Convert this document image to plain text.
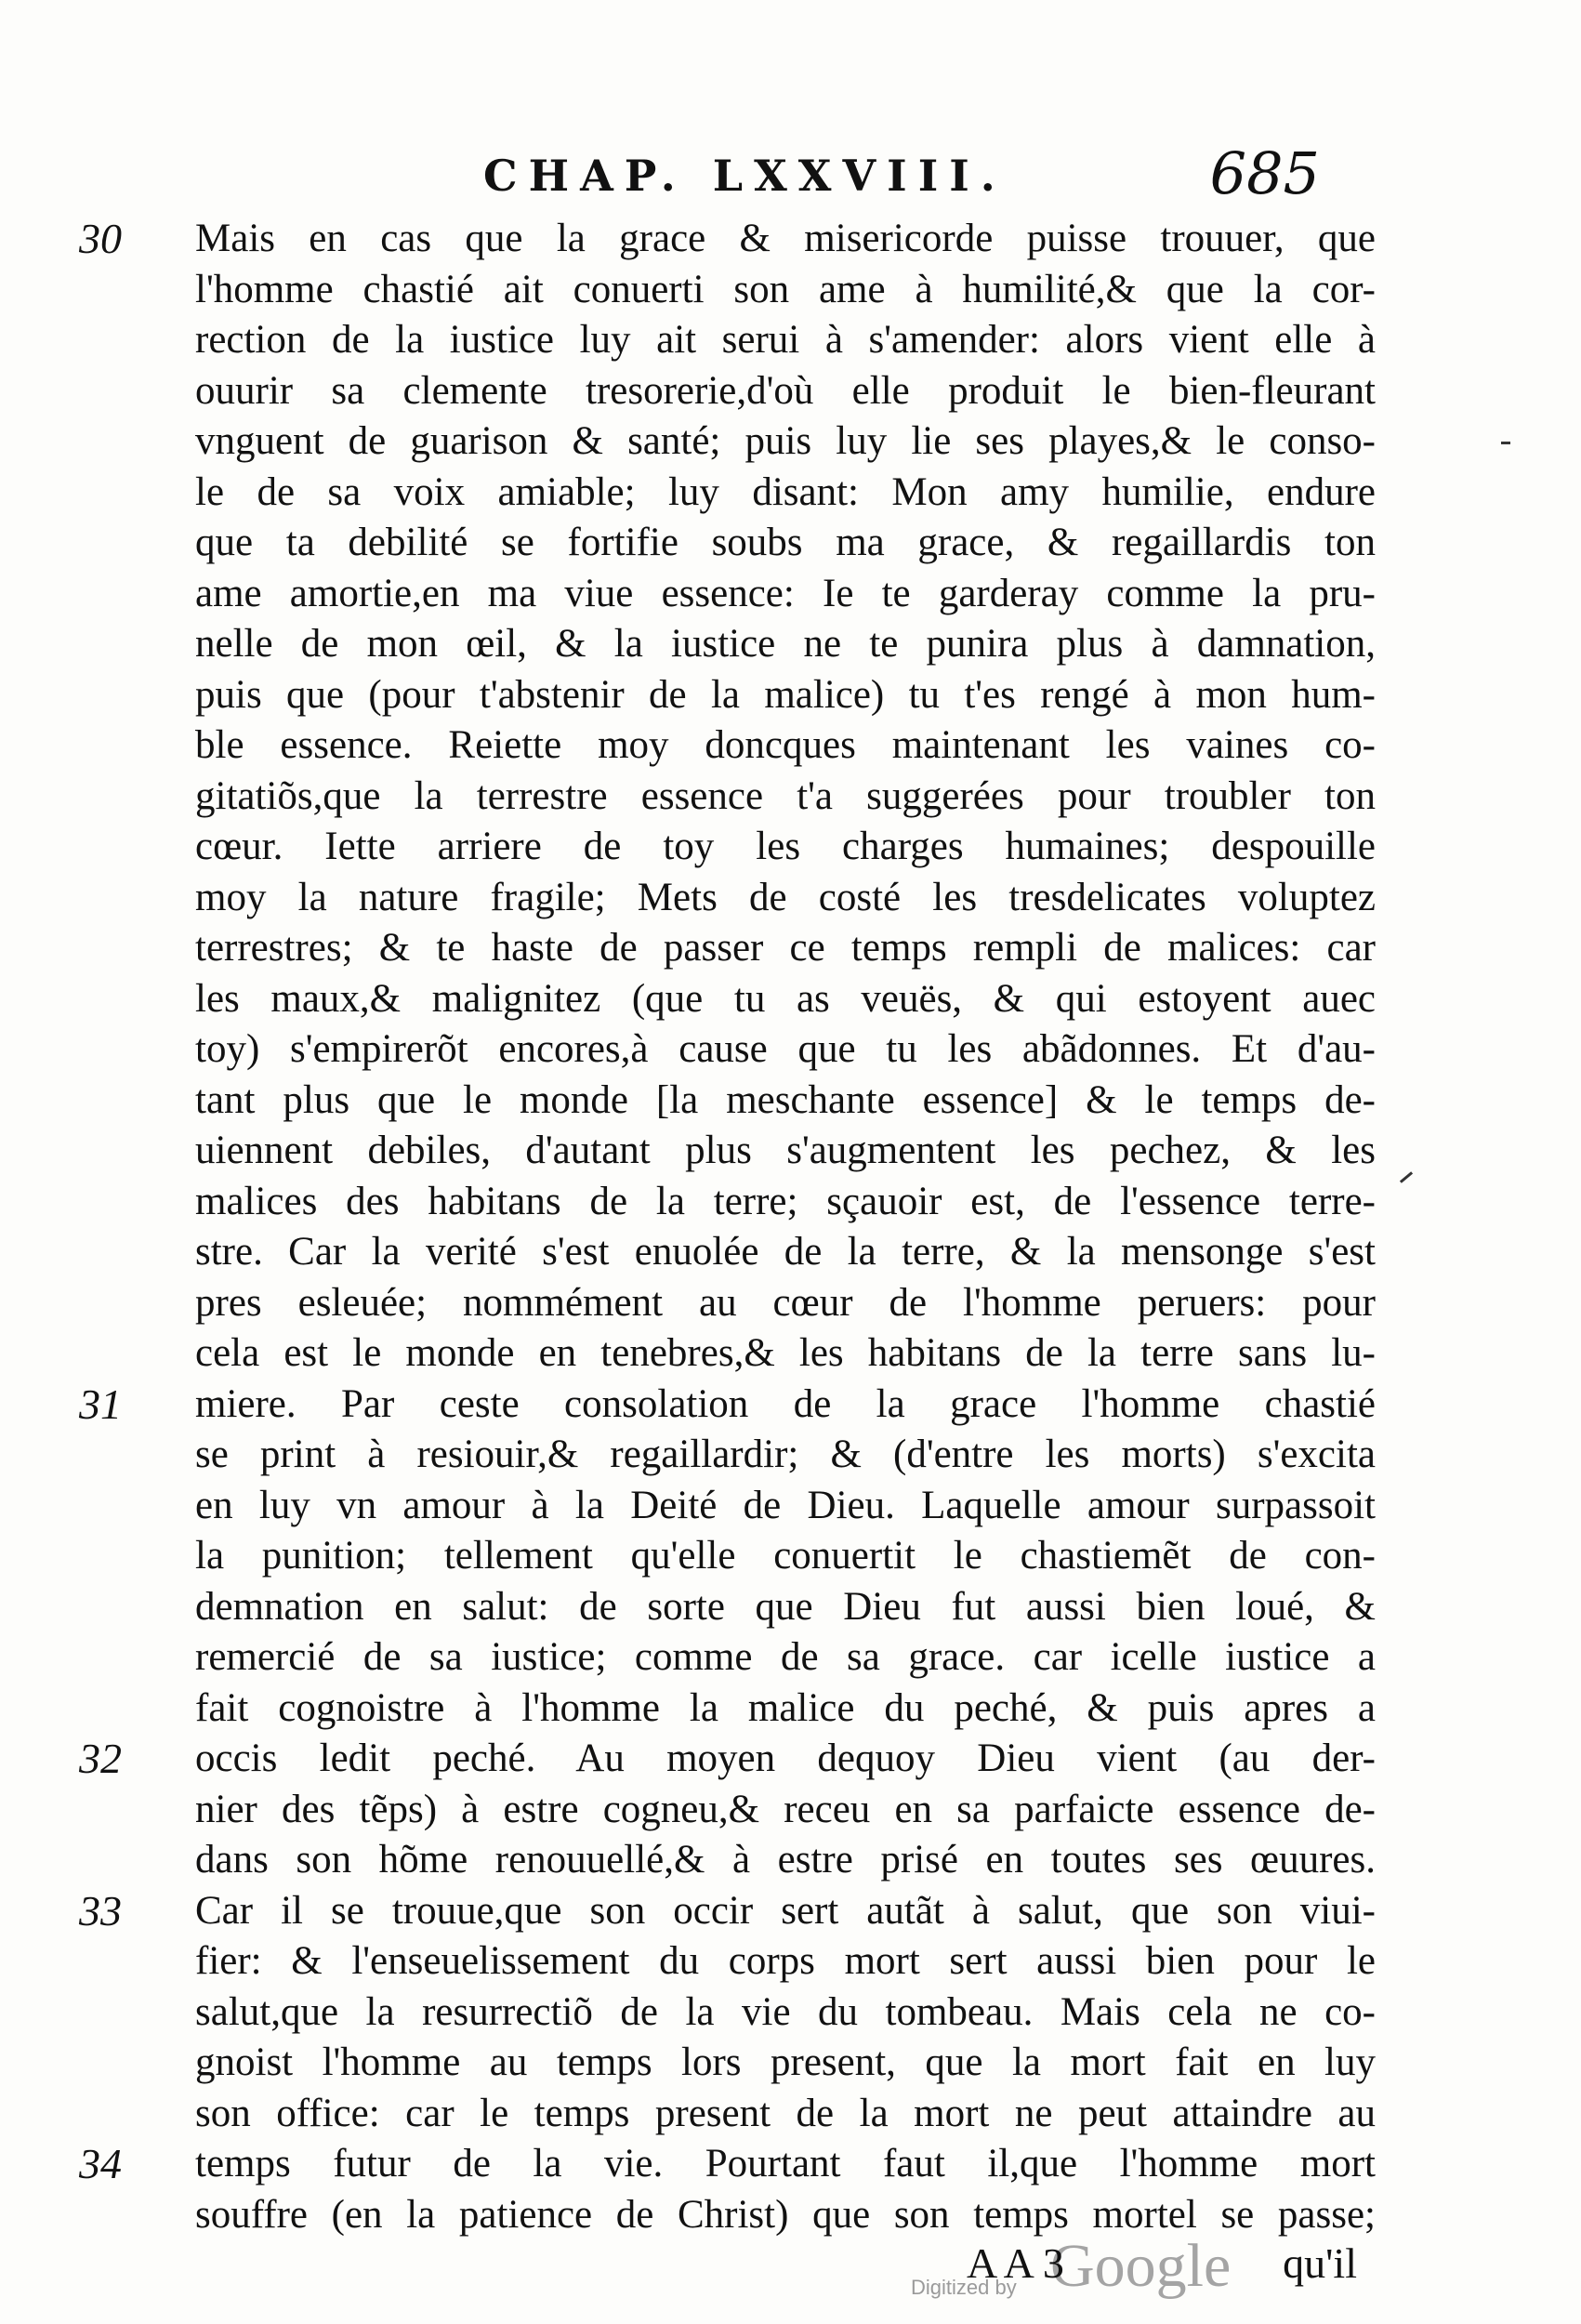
CHAP. LXXVIII.	685
30	Mais en cas que la grace & misericorde puisse trouuer, que
l'homme chastié ait conuerti son ame à humilité,& que la cor-
rection de la iustice luy ait serui à s'amender: alors vient elle à
ouurir sa clemente tresorerie,d'où elle produit le bien-fleurant
vnguent de guarison & santé; puis luy lie ses playes,& le conso-
le de sa voix amiable; luy disant: Mon amy humilie, endure
que ta debilité se fortifie soubs ma grace, & regaillardis ton
ame amortie,en ma viue essence: Ie te garderay comme la pru-
nelle de mon œil, & la iustice ne te punira plus à damnation,
puis que (pour t'abstenir de la malice) tu t'es rengé à mon hum-
ble essence. Reiette moy doncques maintenant les vaines co-
gitatiõs,que la terrestre essence t'a suggerées pour troubler ton
cœur. Iette arriere de toy les charges humaines; despouille
moy la nature fragile; Mets de costé les tresdelicates voluptez
terrestres; & te haste de passer ce temps rempli de malices: car
les maux,& malignitez (que tu as veuës, & qui estoyent auec
toy) s'empirerõt encores,à cause que tu les abãdonnes. Et d'au-
tant plus que le monde [la meschante essence] & le temps de-
uiennent debiles, d'autant plus s'augmentent les pechez, & les
malices des habitans de la terre; sçauoir est, de l'essence terre-
stre. Car la verité s'est enuolée de la terre, & la mensonge s'est
pres esleuée; nommément au cœur de l'homme peruers: pour
cela est le monde en tenebres,& les habitans de la terre sans lu-
31	miere. Par ceste consolation de la grace l'homme chastié
se print à resiouir,& regaillardir; & (d'entre les morts) s'excita
en luy vn amour à la Deité de Dieu. Laquelle amour surpassoit
la punition; tellement qu'elle conuertit le chastiemẽt de con-
demnation en salut: de sorte que Dieu fut aussi bien loué, &
remercié de sa iustice; comme de sa grace. car icelle iustice a
fait cognoistre à l'homme la malice du peché, & puis apres a
32	occis ledit peché. Au moyen dequoy Dieu vient (au der-
nier des tẽps) à estre cogneu,& receu en sa parfaicte essence de-
dans son hõme renouuellé,& à estre prisé en toutes ses œuures.
33	Car il se trouue,que son occir sert autãt à salut, que son viui-
fier: & l'enseuelissement du corps mort sert aussi bien pour le
salut,que la resurrectiõ de la vie du tombeau. Mais cela ne co-
gnoist l'homme au temps lors present, que la mort fait en luy
son office: car le temps present de la mort ne peut attaindre au
34	temps futur de la vie. Pourtant faut il,que l'homme mort
souffre (en la patience de Christ) que son temps mortel se passe;
Digitized by Google
A A 3	qu'il
